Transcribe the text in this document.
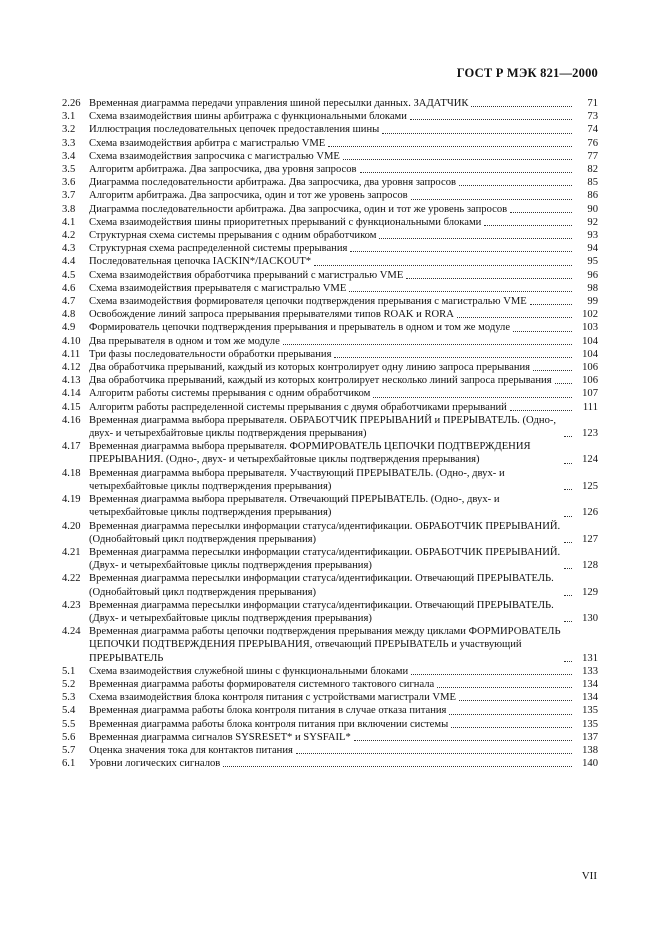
ГОСТ Р МЭК 821—2000
2.26 Временная диаграмма передачи управления шиной пересылки данных. ЗАДАТЧИК	71
3.1	Схема взаимодействия шины арбитража с функциональными блоками	73
3.2	Иллюстрация последовательных цепочек предоставления шины	74
3.3	Схема взаимодействия арбитра с магистралью VME	76
3.4	Схема взаимодействия запросчика с магистралью VME	77
3.5	Алгоритм арбитража. Два запросчика, два уровня запросов	82
3.6	Диаграмма последовательности арбитража. Два запросчика, два уровня запросов	85
3.7	Алгоритм арбитража. Два запросчика, один и тот же уровень запросов	86
3.8	Диаграмма последовательности арбитража. Два запросчика, один и тот же уровень запросов	90
4.1	Схема взаимодействия шины приоритетных прерываний с функциональными блоками	92
4.2	Структурная схема системы прерывания с одним обработчиком	93
4.3	Структурная схема распределенной системы прерывания	94
4.4	Последовательная цепочка IACKIN*/IACKOUT*	95
4.5	Схема взаимодействия обработчика прерываний с магистралью VME	96
4.6	Схема взаимодействия прерывателя с магистралью VME	98
4.7	Схема взаимодействия формирователя цепочки подтверждения прерывания с магистралью VME	99
4.8	Освобождение линий запроса прерывания прерывателями типов ROAK и RORA	102
4.9	Формирователь цепочки подтверждения прерывания и прерыватель в одном и том же модуле	103
4.10 Два прерывателя в одном и том же модуле	104
4.11 Три фазы последовательности обработки прерывания	104
4.12 Два обработчика прерываний, каждый из которых контролирует одну линию запроса прерывания	106
4.13 Два обработчика прерываний, каждый из которых контролирует несколько линий запроса прерывания	106
4.14 Алгоритм работы системы прерывания с одним обработчиком	107
4.15 Алгоритм работы распределенной системы прерывания с двумя обработчиками прерываний	111
4.16 Временная диаграмма выбора прерывателя. ОБРАБОТЧИК ПРЕРЫВАНИЙ и ПРЕРЫВАТЕЛЬ. (Одно-, двух- и четырехбайтовые циклы подтверждения прерывания)	123
4.17 Временная диаграмма выбора прерывателя. ФОРМИРОВАТЕЛЬ ЦЕПОЧКИ ПОДТВЕРЖДЕНИЯ ПРЕРЫВАНИЯ. (Одно-, двух- и четырехбайтовые циклы подтверждения прерывания)	124
4.18 Временная диаграмма выбора прерывателя. Участвующий ПРЕРЫВАТЕЛЬ. (Одно-, двух- и четырехбайтовые циклы подтверждения прерывания)	125
4.19 Временная диаграмма выбора прерывателя. Отвечающий ПРЕРЫВАТЕЛЬ. (Одно-, двух- и четырехбайтовые циклы подтверждения прерывания)	126
4.20 Временная диаграмма пересылки информации статуса/идентификации. ОБРАБОТЧИК ПРЕРЫВАНИЙ. (Однобайтовый цикл подтверждения прерывания)	127
4.21 Временная диаграмма пересылки информации статуса/идентификации. ОБРАБОТЧИК ПРЕРЫВАНИЙ. (Двух- и четырехбайтовые циклы подтверждения прерывания)	128
4.22 Временная диаграмма пересылки информации статуса/идентификации. Отвечающий ПРЕРЫВАТЕЛЬ. (Однобайтовый цикл подтверждения прерывания)	129
4.23 Временная диаграмма пересылки информации статуса/идентификации. Отвечающий ПРЕРЫВАТЕЛЬ. (Двух- и четырехбайтовые циклы подтверждения прерывания)	130
4.24 Временная диаграмма работы цепочки подтверждения прерывания между циклами ФОРМИРОВАТЕЛЬ ЦЕПОЧКИ ПОДТВЕРЖДЕНИЯ ПРЕРЫВАНИЯ, отвечающий ПРЕРЫВАТЕЛЬ и участвующий ПРЕРЫВАТЕЛЬ	131
5.1	Схема взаимодействия служебной шины с функциональными блоками	133
5.2	Временная диаграмма работы формирователя системного тактового сигнала	134
5.3	Схема взаимодействия блока контроля питания с устройствами магистрали VME	134
5.4	Временная диаграмма работы блока контроля питания в случае отказа питания	135
5.5	Временная диаграмма работы блока контроля питания при включении системы	135
5.6	Временная диаграмма сигналов SYSRESET* и SYSFAIL*	137
5.7	Оценка значения тока для контактов питания	138
6.1	Уровни логических сигналов	140
VII
